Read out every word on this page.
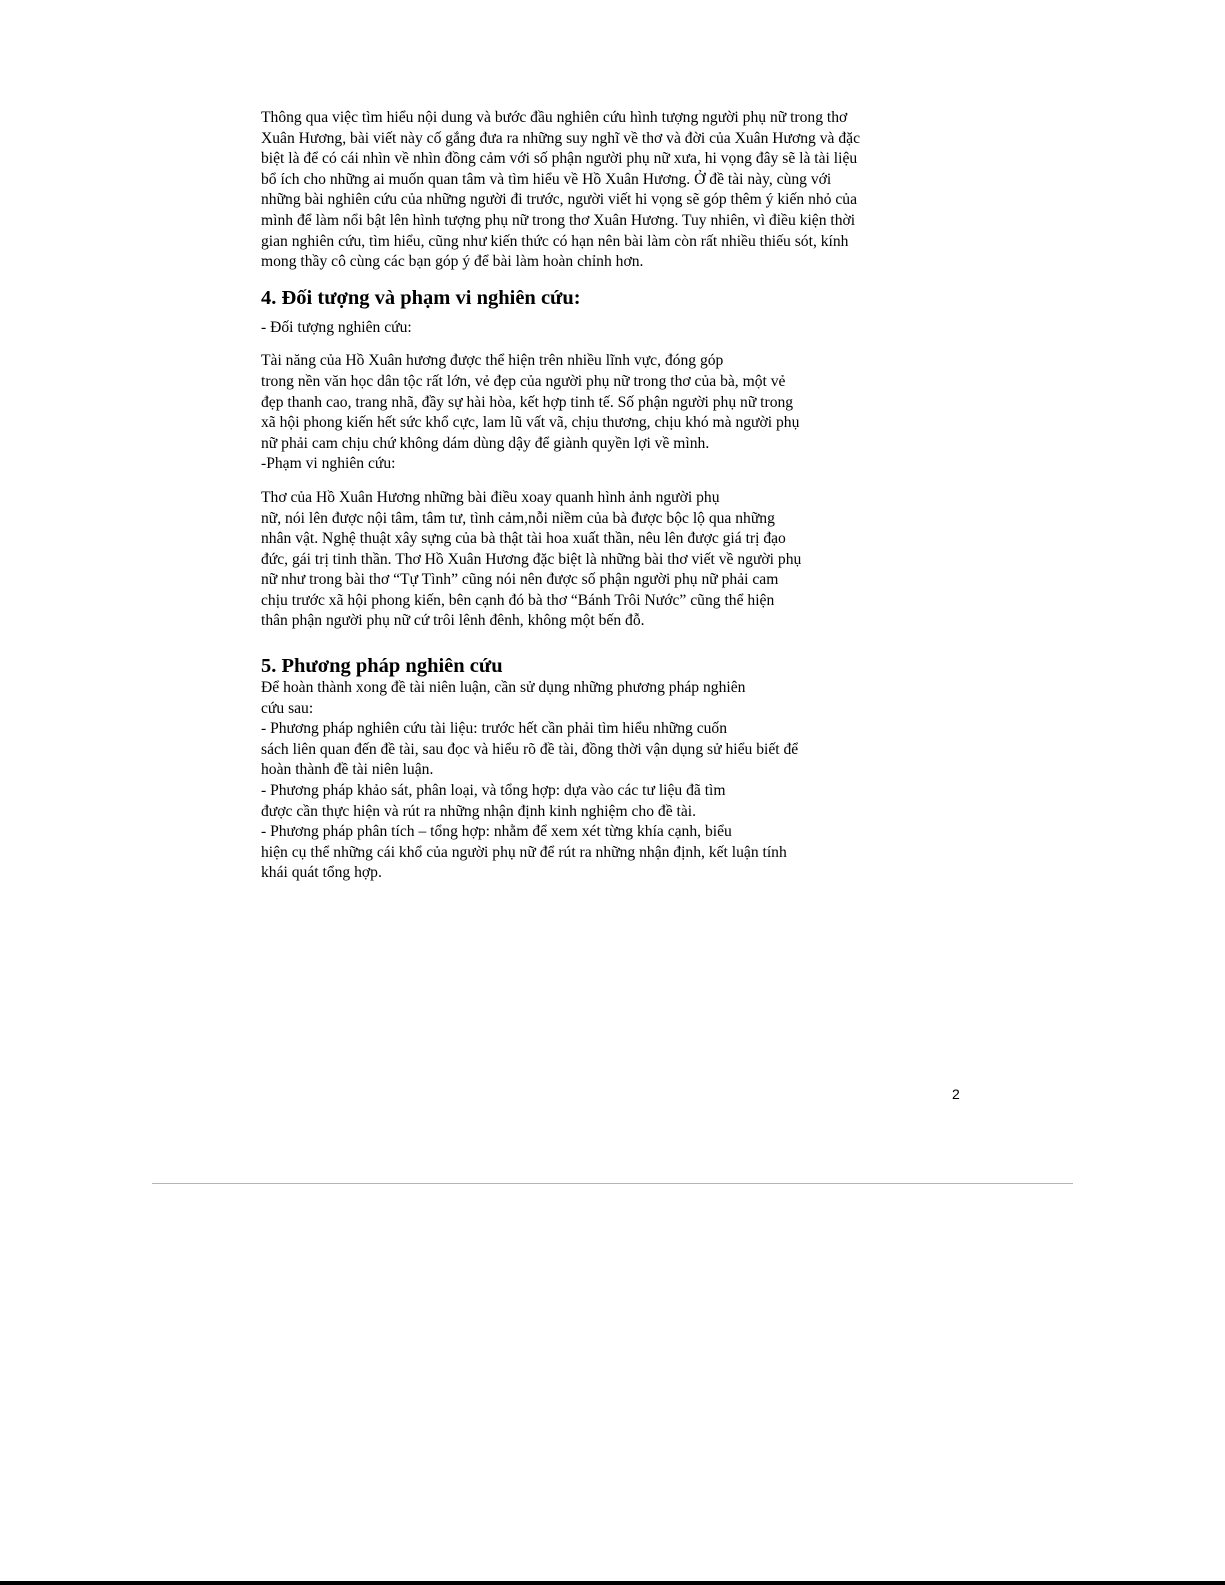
Thông qua việc tìm hiểu nội dung và bước đầu nghiên cứu hình tượng người phụ nữ trong thơ
Xuân Hương, bài viết này cố gắng đưa ra những suy nghĩ về thơ và đời của Xuân Hương và đặc
biệt là để có cái nhìn về nhìn đồng cảm với số phận người phụ nữ xưa, hi vọng đây sẽ là tài liệu
bổ ích cho những ai muốn quan tâm và tìm hiểu về Hồ Xuân Hương. Ở đề tài này, cùng với
những bài nghiên cứu của những người đi trước, người viết hi vọng sẽ góp thêm ý kiến nhỏ của
mình để làm nổi bật lên hình tượng phụ nữ trong thơ Xuân Hương. Tuy nhiên, vì điều kiện thời
gian nghiên cứu, tìm hiểu, cũng như kiến thức có hạn nên bài làm còn rất nhiều thiếu sót, kính
mong thầy cô cùng các bạn góp ý để bài làm hoàn chỉnh hơn.
4. Đối tượng và phạm vi nghiên cứu:
- Đối tượng nghiên cứu:
Tài năng của Hồ Xuân hương được thể hiện trên nhiều lĩnh vực, đóng góp
trong nền văn học dân tộc rất lớn, vẻ đẹp của người phụ nữ trong thơ của bà, một vẻ
đẹp thanh cao, trang nhã, đầy sự hài hòa, kết hợp tinh tế. Số phận người phụ nữ trong
xã hội phong kiến hết sức khổ cực, lam lũ vất vã, chịu thương, chịu khó mà người phụ
nữ phải cam chịu chứ không dám dùng dậy để giành quyền lợi về mình.
-Phạm vi nghiên cứu:
Thơ của Hồ Xuân Hương những bài điều xoay quanh hình ảnh người phụ
nữ, nói lên được nội tâm, tâm tư, tình cảm,nỗi niềm của bà được bộc lộ qua những
nhân vật. Nghệ thuật xây sựng của bà thật tài hoa xuất thần, nêu lên được giá trị đạo
đức, gái trị tinh thần. Thơ Hồ Xuân Hương đặc biệt là những bài thơ viết về người phụ
nữ như trong bài thơ “Tự Tình” cũng nói nên được số phận người phụ nữ phải cam
chịu trước xã hội phong kiến, bên cạnh đó bà thơ “Bánh Trôi Nước” cũng thể hiện
thân phận người phụ nữ cứ trôi lênh đênh, không một bến đỗ.
5. Phương pháp nghiên cứu
Để hoàn thành xong đề tài niên luận, cần sử dụng những phương pháp nghiên
cứu sau:
- Phương pháp nghiên cứu tài liệu: trước hết cần phải tìm hiểu những cuốn
sách liên quan đến đề tài, sau đọc và hiểu rõ đề tài, đồng thời vận dụng sử hiểu biết để
hoàn thành đề tài niên luận.
- Phương pháp khảo sát, phân loại, và tổng hợp: dựa vào các tư liệu đã tìm
được cần thực hiện và rút ra những nhận định kinh nghiệm cho đề tài.
- Phương pháp phân tích – tổng hợp: nhằm để xem xét từng khía cạnh, biểu
hiện cụ thể những cái khổ của người phụ nữ để rút ra những nhận định, kết luận tính
khái quát tổng hợp.
2
